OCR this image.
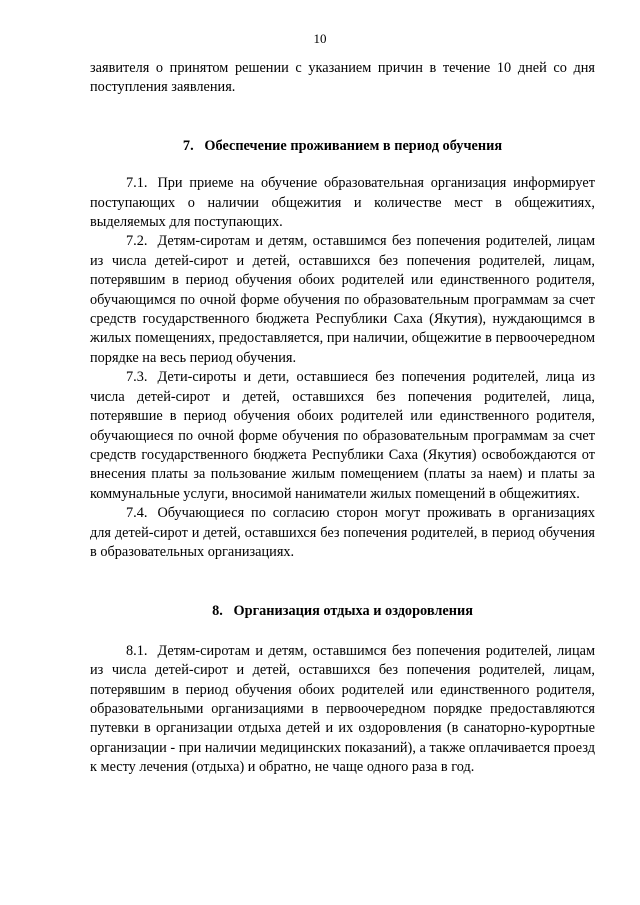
10

заявителя о принятом решении с указанием причин в течение 10 дней со дня поступления заявления.

7.  Обеспечение проживанием в период обучения

7.1. При приеме на обучение образовательная организация информирует поступающих о наличии общежития и количестве мест в общежитиях, выделяемых для поступающих.

7.2. Детям-сиротам и детям, оставшимся без попечения родителей, лицам из числа детей-сирот и детей, оставшихся без попечения родителей, лицам, потерявшим в период обучения обоих родителей или единственного родителя, обучающимся по очной форме обучения по образовательным программам за счет средств государственного бюджета Республики Саха (Якутия), нуждающимся в жилых помещениях, предоставляется, при наличии, общежитие в первоочередном порядке на весь период обучения.

7.3. Дети-сироты и дети, оставшиеся без попечения родителей, лица из числа детей-сирот и детей, оставшихся без попечения родителей, лица, потерявшие в период обучения обоих родителей или единственного родителя, обучающиеся по очной форме обучения по образовательным программам за счет средств государственного бюджета Республики Саха (Якутия) освобождаются от внесения платы за пользование жилым помещением (платы за наем) и платы за коммунальные услуги, вносимой наниматели жилых помещений в общежитиях.

7.4. Обучающиеся по согласию сторон могут проживать в организациях для детей-сирот и детей, оставшихся без попечения родителей, в период обучения в образовательных организациях.

8.  Организация отдыха и оздоровления

8.1. Детям-сиротам и детям, оставшимся без попечения родителей, лицам из числа детей-сирот и детей, оставшихся без попечения родителей, лицам, потерявшим в период обучения обоих родителей или единственного родителя, образовательными организациями в первоочередном порядке предоставляются путевки в организации отдыха детей и их оздоровления (в санаторно-курортные организации - при наличии медицинских показаний), а также оплачивается проезд к месту лечения (отдыха) и обратно, не чаще одного раза в год.
